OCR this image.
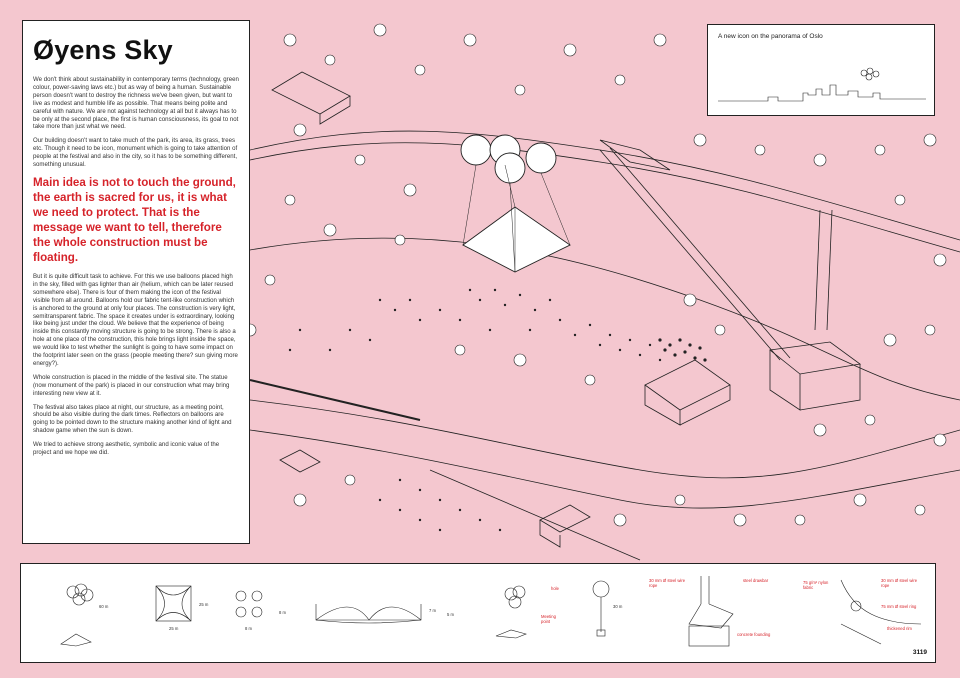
Øyens Sky

We don't think about sustainability in contemporary terms (technology, green colour, power-saving laws etc.) but as way of being a human. Sustainable person doesn't want to destroy the richness we've been given, but want to live as modest and humble life as possible. That means being polite and careful with nature. We are not against technology at all but it always has to be only at the second place, the first is human consciousness, its goal to not take more than just what we need.

Our building doesn't want to take much of the park, its area, its grass, trees etc. Though it need to be icon, monument which is going to take attention of people at the festival and also in the city, so it has to be something different, something unusual.

Main idea is not to touch the ground, the earth is sacred for us, it is what we need to protect. That is the message we want to tell, therefore the whole construction must be floating.

But it is quite difficult task to achieve. For this we use balloons placed high in the sky, filled with gas lighter than air (helium, which can be later reused somewhere else). There is four of them making the icon of the festival visible from all around. Balloons hold our fabric tent-like construction which is anchored to the ground at only four places. The construction is very light, semitransparent fabric. The space it creates under is extraordinary, looking like being just under the cloud. We believe that the experience of being inside this constantly moving structure is going to be strong. There is also a hole at one place of the construction, this hole brings light inside the space, we would like to test whether the sunlight is going to have some impact on the footprint later seen on the grass (people meeting there? sun giving more energy?).

Whole construction is placed in the middle of the festival site. The statue (now monument of the park) is placed in our construction what may bring interesting new view at it.

The festival also takes place at night, our structure, as a meeting point, should be also visible during the dark times. Reflectors on balloons are going to be pointed down to the structure making another kind of light and shadow game when the sun is down.

We tried to achieve strong aesthetic, symbolic and iconic value of the project and we hope we did.

A new icon on the panorama of Oslo
60 m
25 m
25 m
8 m
8 m	7 m
5 m	Meeting point
hole
30 m
30 mm Ø steel wire rope
steel drawbar
concrete founding
75 g/m² nylon fabric
30 mm Ø steel wire rope
75 mm Ø steel ring
thickened rim
3119
